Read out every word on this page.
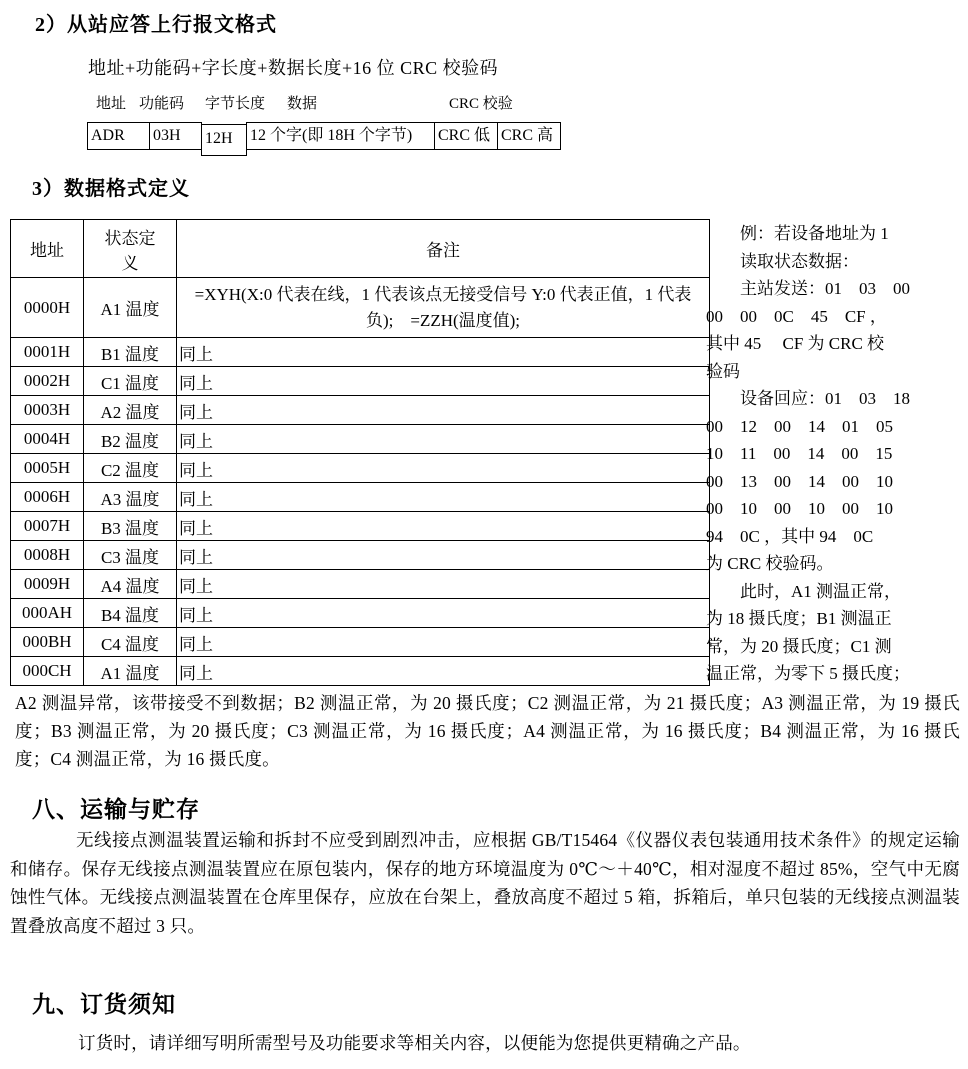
2）从站应答上行报文格式
地址+功能码+字长度+数据长度+16 位 CRC 校验码
地址 功能码 字节长度 数据	CRC 校验
ADR	03H	12H	12 个字(即 18H 个字节)	CRC 低 CRC 高
3）数据格式定义
地址	状态定义	备注
0000H	A1 温度	=XYH(X:0 代表在线，1 代表该点无接受信号 Y:0 代表正值，1 代表负);　=ZZH(温度值);
0001H	B1 温度	同上
0002H	C1 温度	同上
0003H	A2 温度	同上
0004H	B2 温度	同上
0005H	C2 温度	同上
0006H	A3 温度	同上
0007H	B3 温度	同上
0008H	C3 温度	同上
0009H	A4 温度	同上
000AH	B4 温度	同上
000BH	C4 温度	同上
000CH	A1 温度	同上
　　例：若设备地址为 1
　　读取状态数据：
　　主站发送：01　03　00
00　00　0C　45　CF ，
其中 45 　CF 为 CRC 校
验码
　　设备回应：01　03　18
00　12　00　14　01　05
10　11　00　14　00　15
00　13　00　14　00　10
00　10　00　10　00　10
94　0C ，其中 94　0C
为 CRC 校验码。
　　此时，A1 测温正常，
为 18 摄氏度；B1 测温正
常，为 20 摄氏度；C1 测
温正常，为零下 5 摄氏度；
A2 测温异常，该带接受不到数据；B2 测温正常，为 20 摄氏度；C2 测温正常，为 21 摄氏度；A3 测温正常，为 19 摄氏度；B3 测温正常，为 20 摄氏度；C3 测温正常，为 16 摄氏度；A4 测温正常，为 16 摄氏度；B4 测温正常，为 16 摄氏度；C4 测温正常，为 16 摄氏度。
八、运输与贮存
无线接点测温装置运输和拆封不应受到剧烈冲击，应根据 GB/T15464《仪器仪表包装通用技术条件》的规定运输和储存。保存无线接点测温装置应在原包装内，保存的地方环境温度为 0℃～＋40℃，相对湿度不超过 85%，空气中无腐蚀性气体。无线接点测温装置在仓库里保存，应放在台架上，叠放高度不超过 5 箱，拆箱后，单只包装的无线接点测温装置叠放高度不超过 3 只。
九、订货须知
订货时，请详细写明所需型号及功能要求等相关内容，以便能为您提供更精确之产品。
